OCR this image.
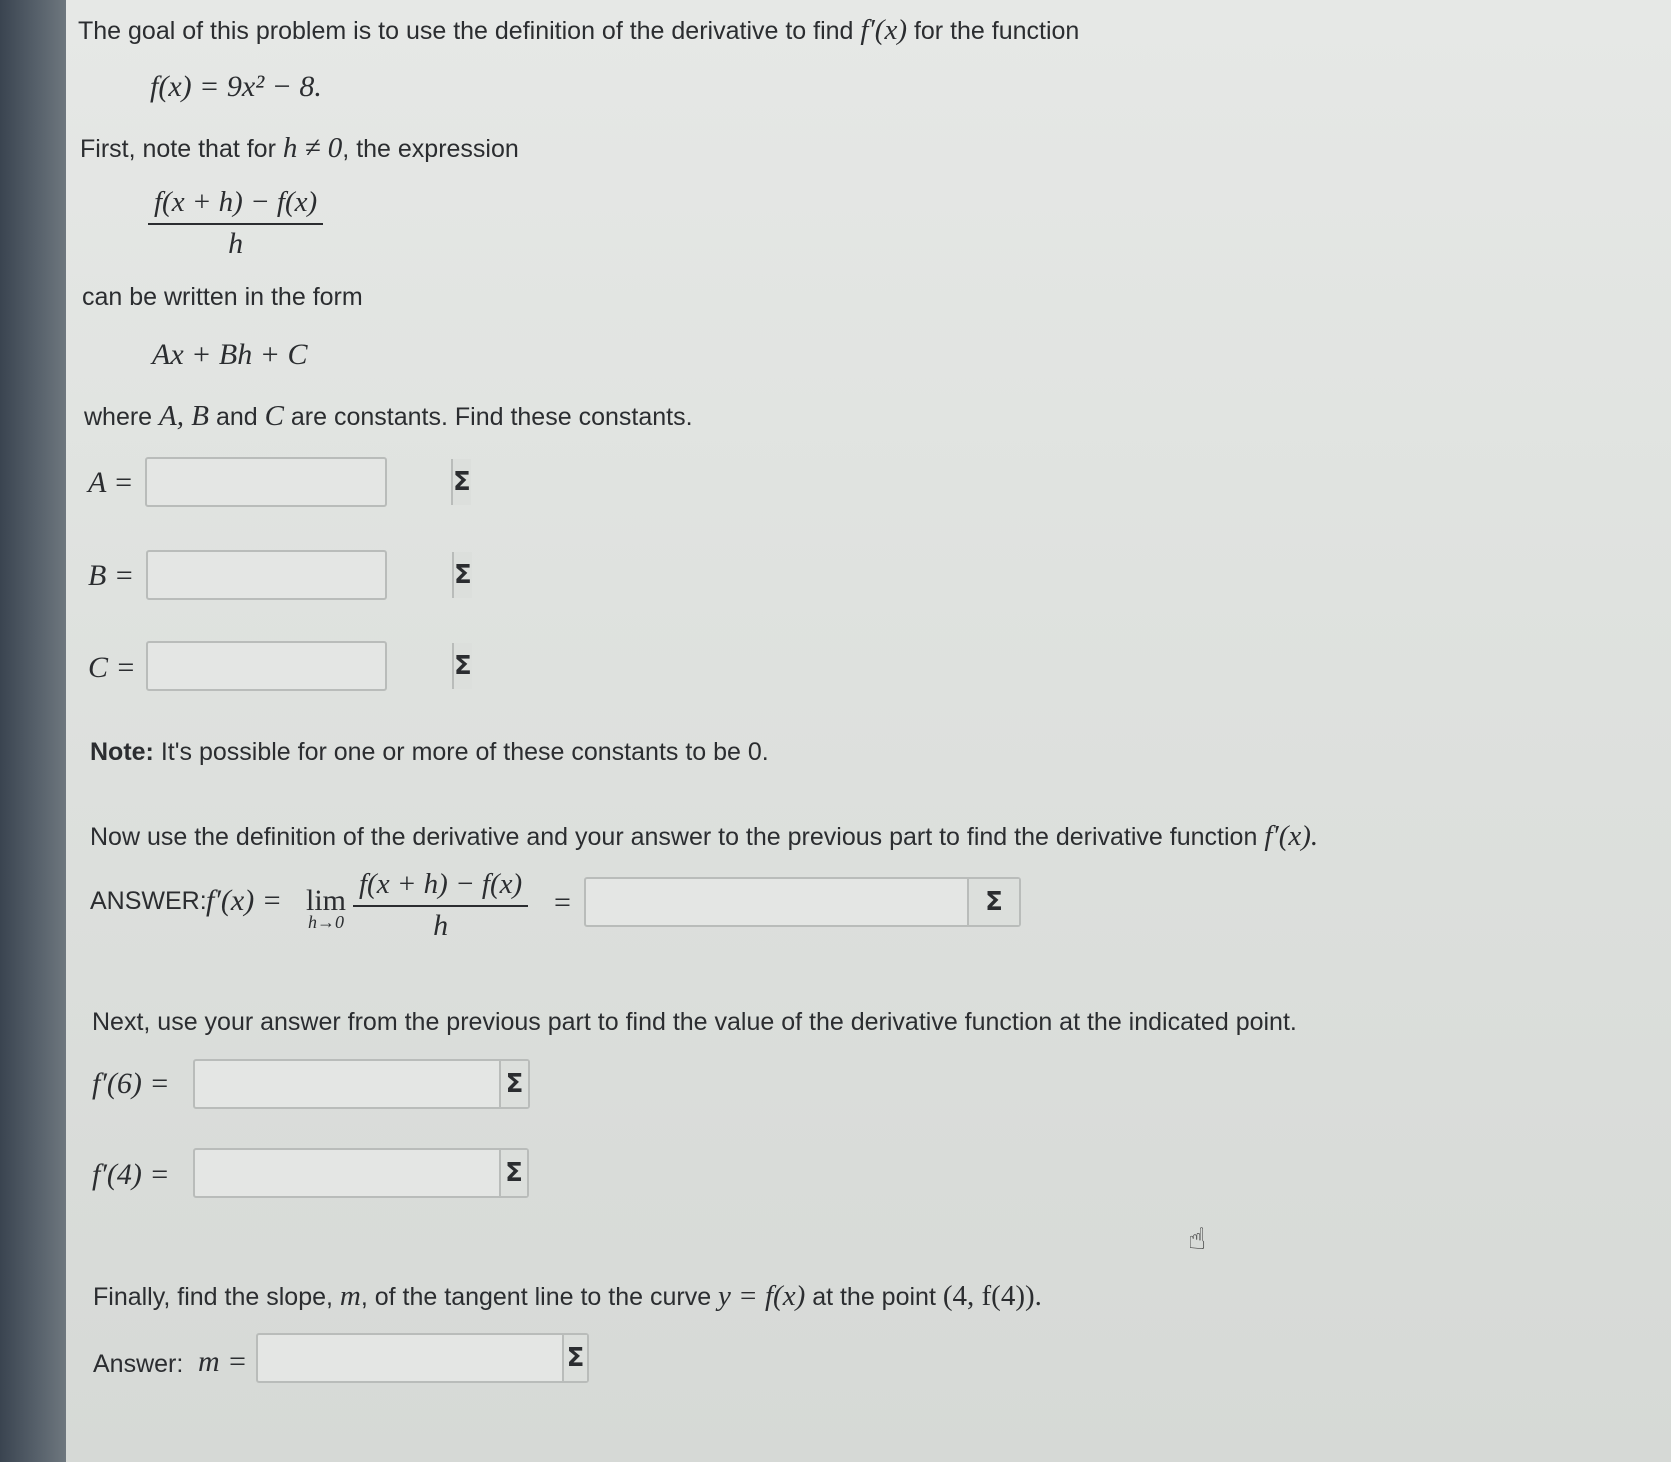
The goal of this problem is to use the definition of the derivative to find f′(x) for the function
f(x) = 9x² − 8.
First, note that for h ≠ 0, the expression
$\frac{f(x + h) - f(x)}{h}$
can be written in the form
Ax + Bh + C
where A, B and C are constants. Find these constants.
A =	Σ
B =	Σ
C =	Σ
Note: It's possible for one or more of these constants to be 0.
Now use the definition of the derivative and your answer to the previous part to find the derivative function f′(x).
ANSWER: f′(x) = lim
$h\to 0 \frac{f(x + h) - f(x)}{h}$ =	Σ
Next, use your answer from the previous part to find the value of the derivative function at the indicated point.
f′(6) =	Σ
f′(4) =	Σ
☝
Finally, find the slope, m, of the tangent line to the curve y = f(x) at the point (4, f(4)).
Answer: m =	Σ
